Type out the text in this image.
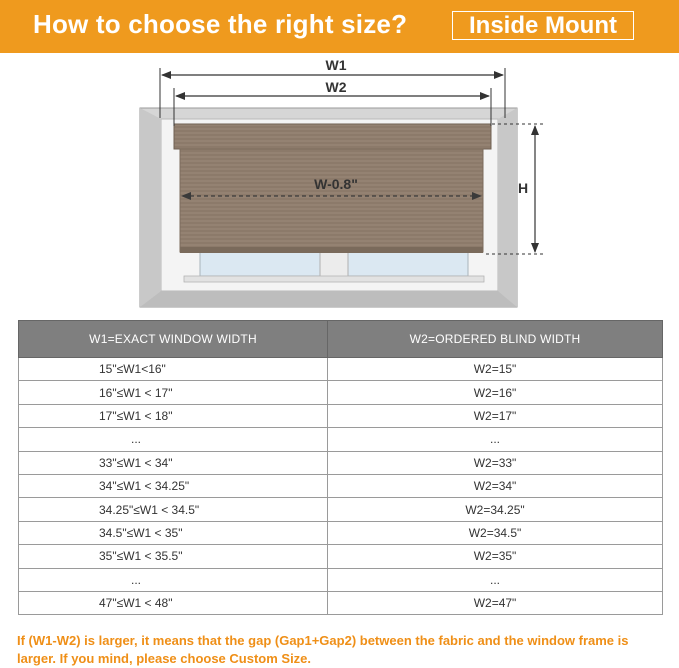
How to choose the right size?	Inside Mount
W1
W2
W-0.8"	H
W1=EXACT WINDOW WIDTH	W2=ORDERED BLIND WIDTH
15"≤W1<16"	W2=15"
16"≤W1 < 17"	W2=16"
17"≤W1 < 18"	W2=17"
...	...
33"≤W1 < 34"	W2=33"
34"≤W1 < 34.25"	W2=34"
34.25"≤W1 < 34.5"	W2=34.25"
34.5"≤W1 < 35"	W2=34.5"
35"≤W1 < 35.5"	W2=35"
...	...
47"≤W1 < 48"	W2=47"
If (W1-W2) is larger, it means that the gap (Gap1+Gap2) between the fabric and the window frame is larger. If you mind, please choose Custom Size.
